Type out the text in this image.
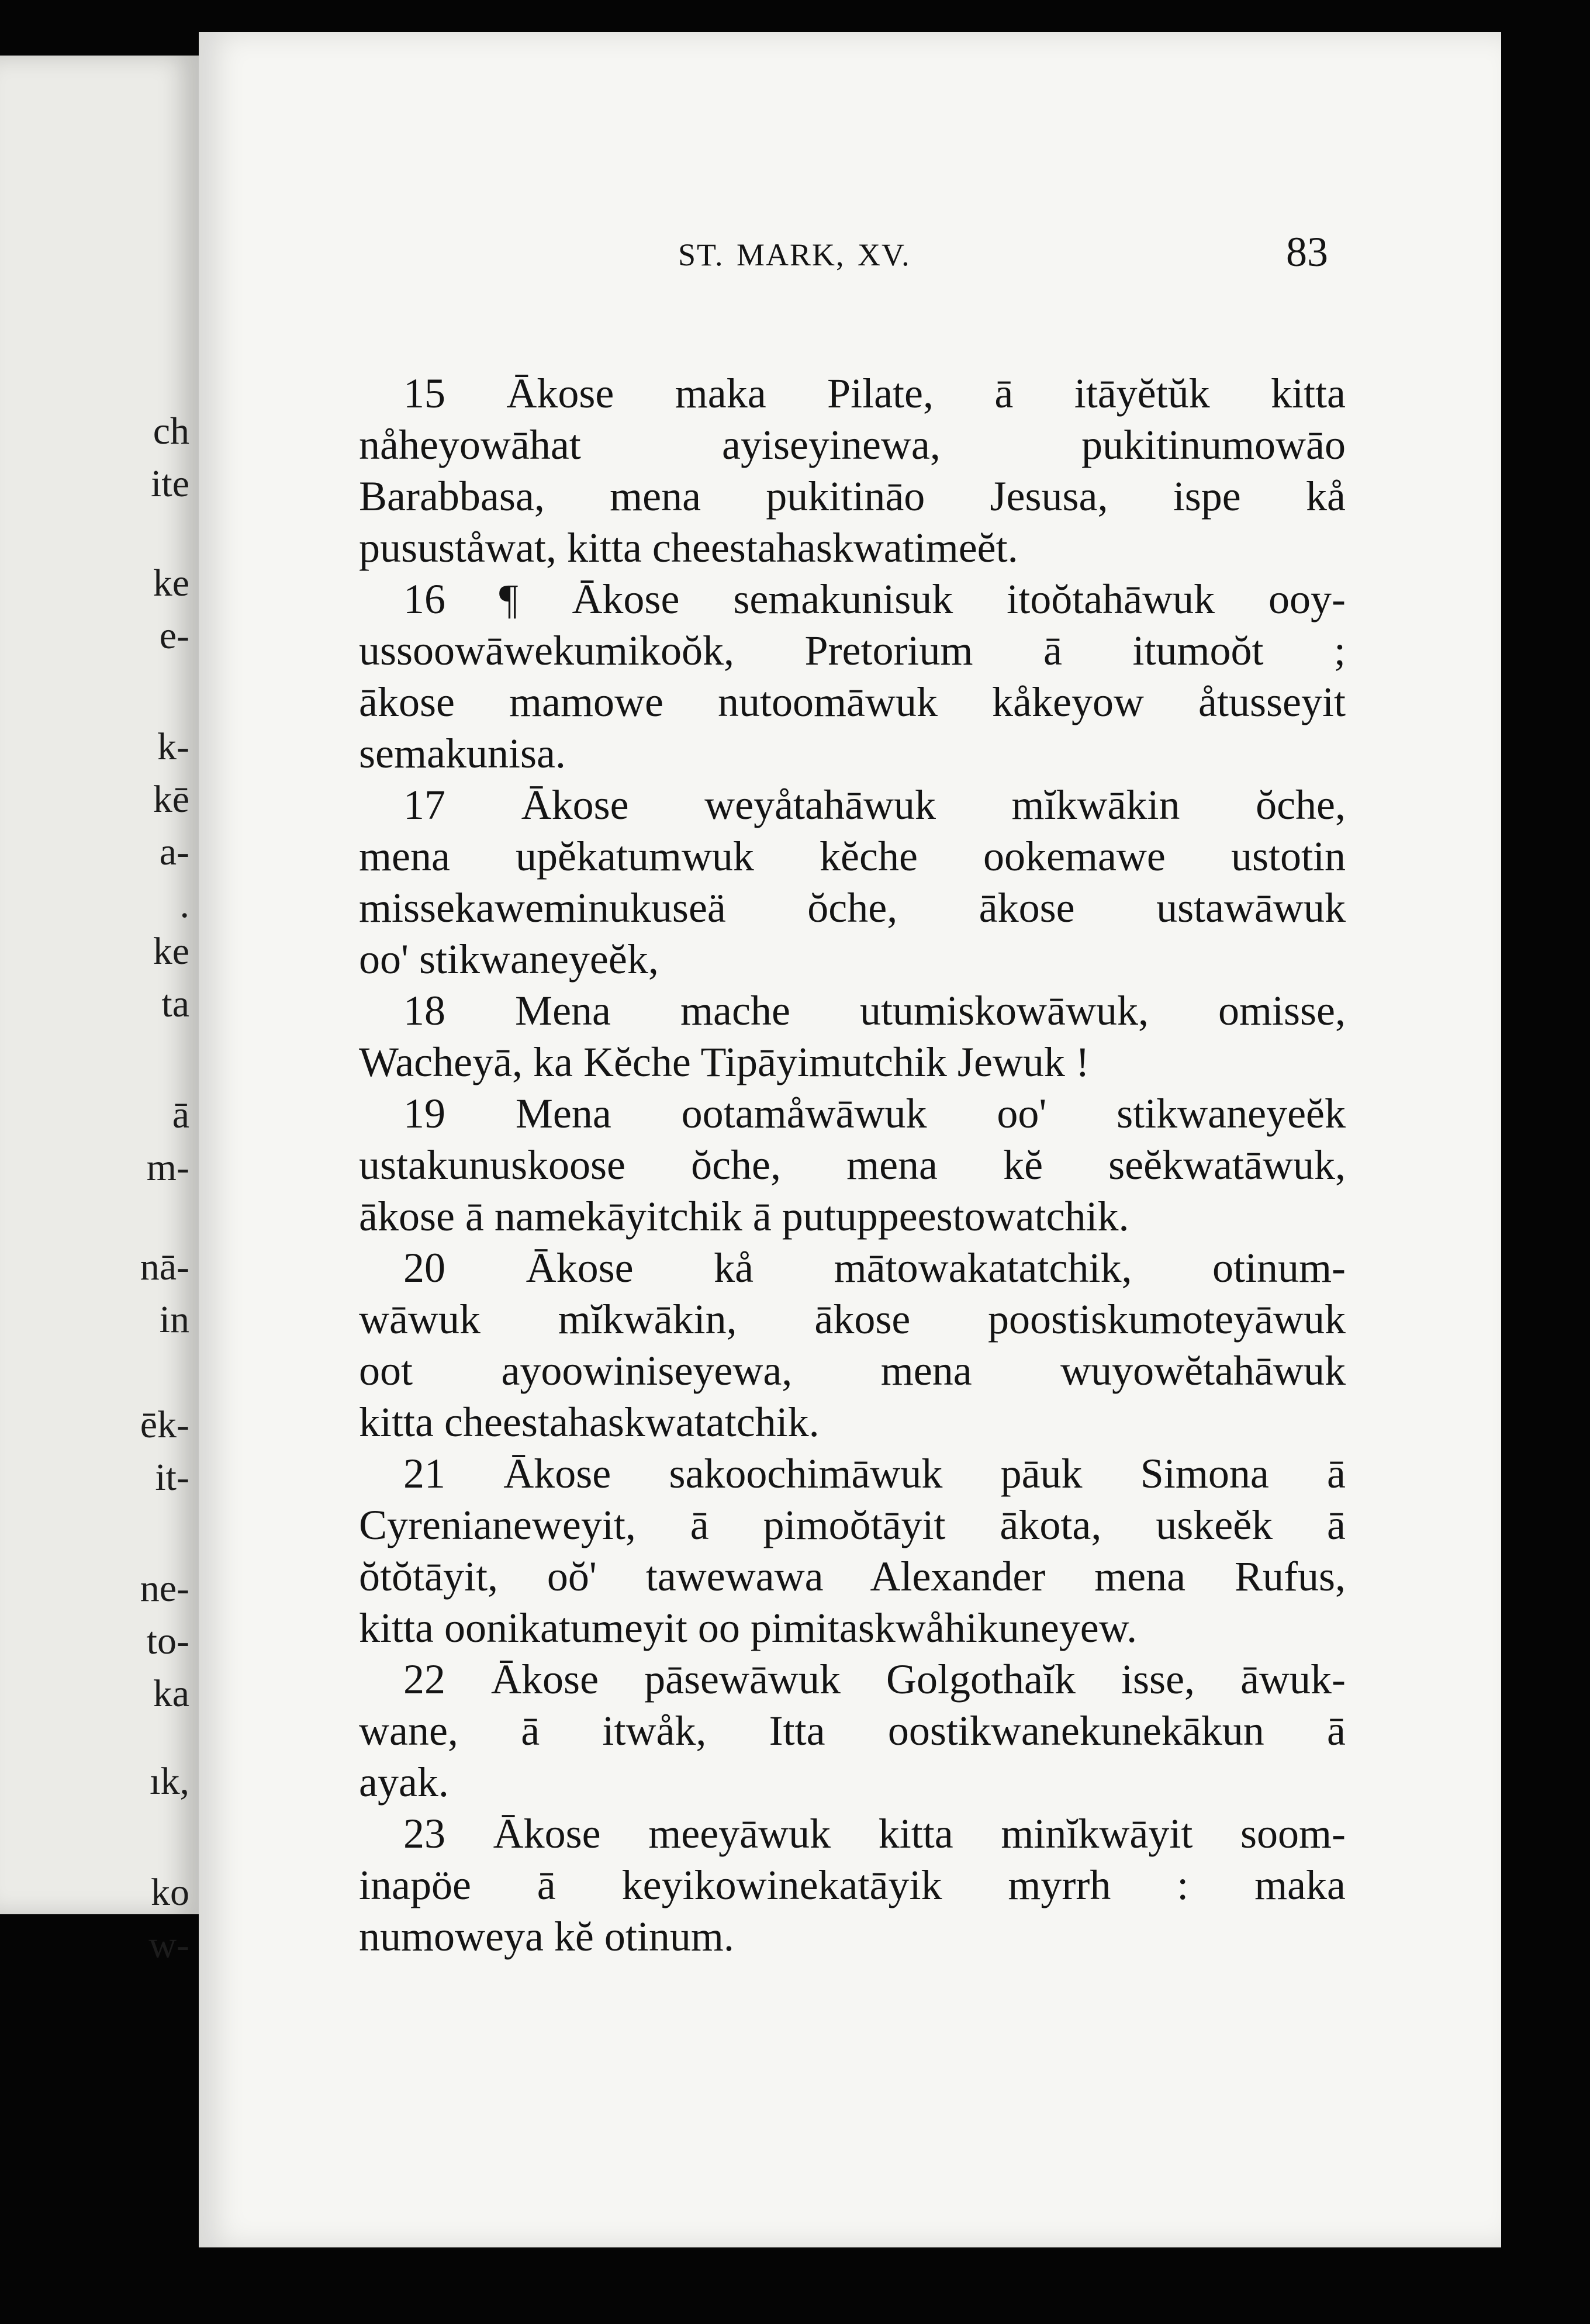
ch
ite
ke
e-
k-
kē
a-
.
ke
ta
ā
m-
nā-
in
ēk-
it-
ne-
to-
ka
ık,
ko
w-
ST. MARK, XV.	83
15 Ākose maka Pilate, ā itāyĕtŭk kitta
nåheyowāhat ayiseyinewa, pukitinumowāo
Barabbasa, mena pukitināo Jesusa, ispe kå
pusuståwat, kitta cheestahaskwatimeĕt.
16 ¶ Ākose semakunisuk itoŏtahāwuk ooy-
ussoowāwekumikoŏk, Pretorium ā itumoŏt ;
ākose mamowe nutoomāwuk kåkeyow åtusseyit
semakunisa.
17 Ākose weyåtahāwuk mĭkwākin ŏche,
mena upĕkatumwuk kĕche ookemawe ustotin
missekaweminukuseä ŏche, ākose ustawāwuk
oo' stikwaneyeĕk,
18 Mena mache utumiskowāwuk, omisse,
Wacheyā, ka Kĕche Tipāyimutchik Jewuk !
19 Mena ootamåwāwuk oo' stikwaneyeĕk
ustakunuskoose ŏche, mena kĕ seĕkwatāwuk,
ākose ā namekāyitchik ā putuppeestowatchik.
20 Ākose kå mātowakatatchik, otinum-
wāwuk mĭkwākin, ākose poostiskumoteyāwuk
oot ayoowiniseyewa, mena wuyowĕtahāwuk
kitta cheestahaskwatatchik.
21 Ākose sakoochimāwuk pāuk Simona ā
Cyrenianeweyit, ā pimoŏtāyit ākota, uskeĕk ā
ŏtŏtāyit, oŏ' tawewawa Alexander mena Rufus,
kitta oonikatumeyit oo pimitaskwåhikuneyew.
22 Ākose pāsewāwuk Golgothaĭk isse, āwuk-
wane, ā itwåk, Itta oostikwanekunekākun ā
ayak.
23 Ākose meeyāwuk kitta minĭkwāyit soom-
inapöe ā keyikowinekatāyik myrrh : maka
numoweya kĕ otinum.
